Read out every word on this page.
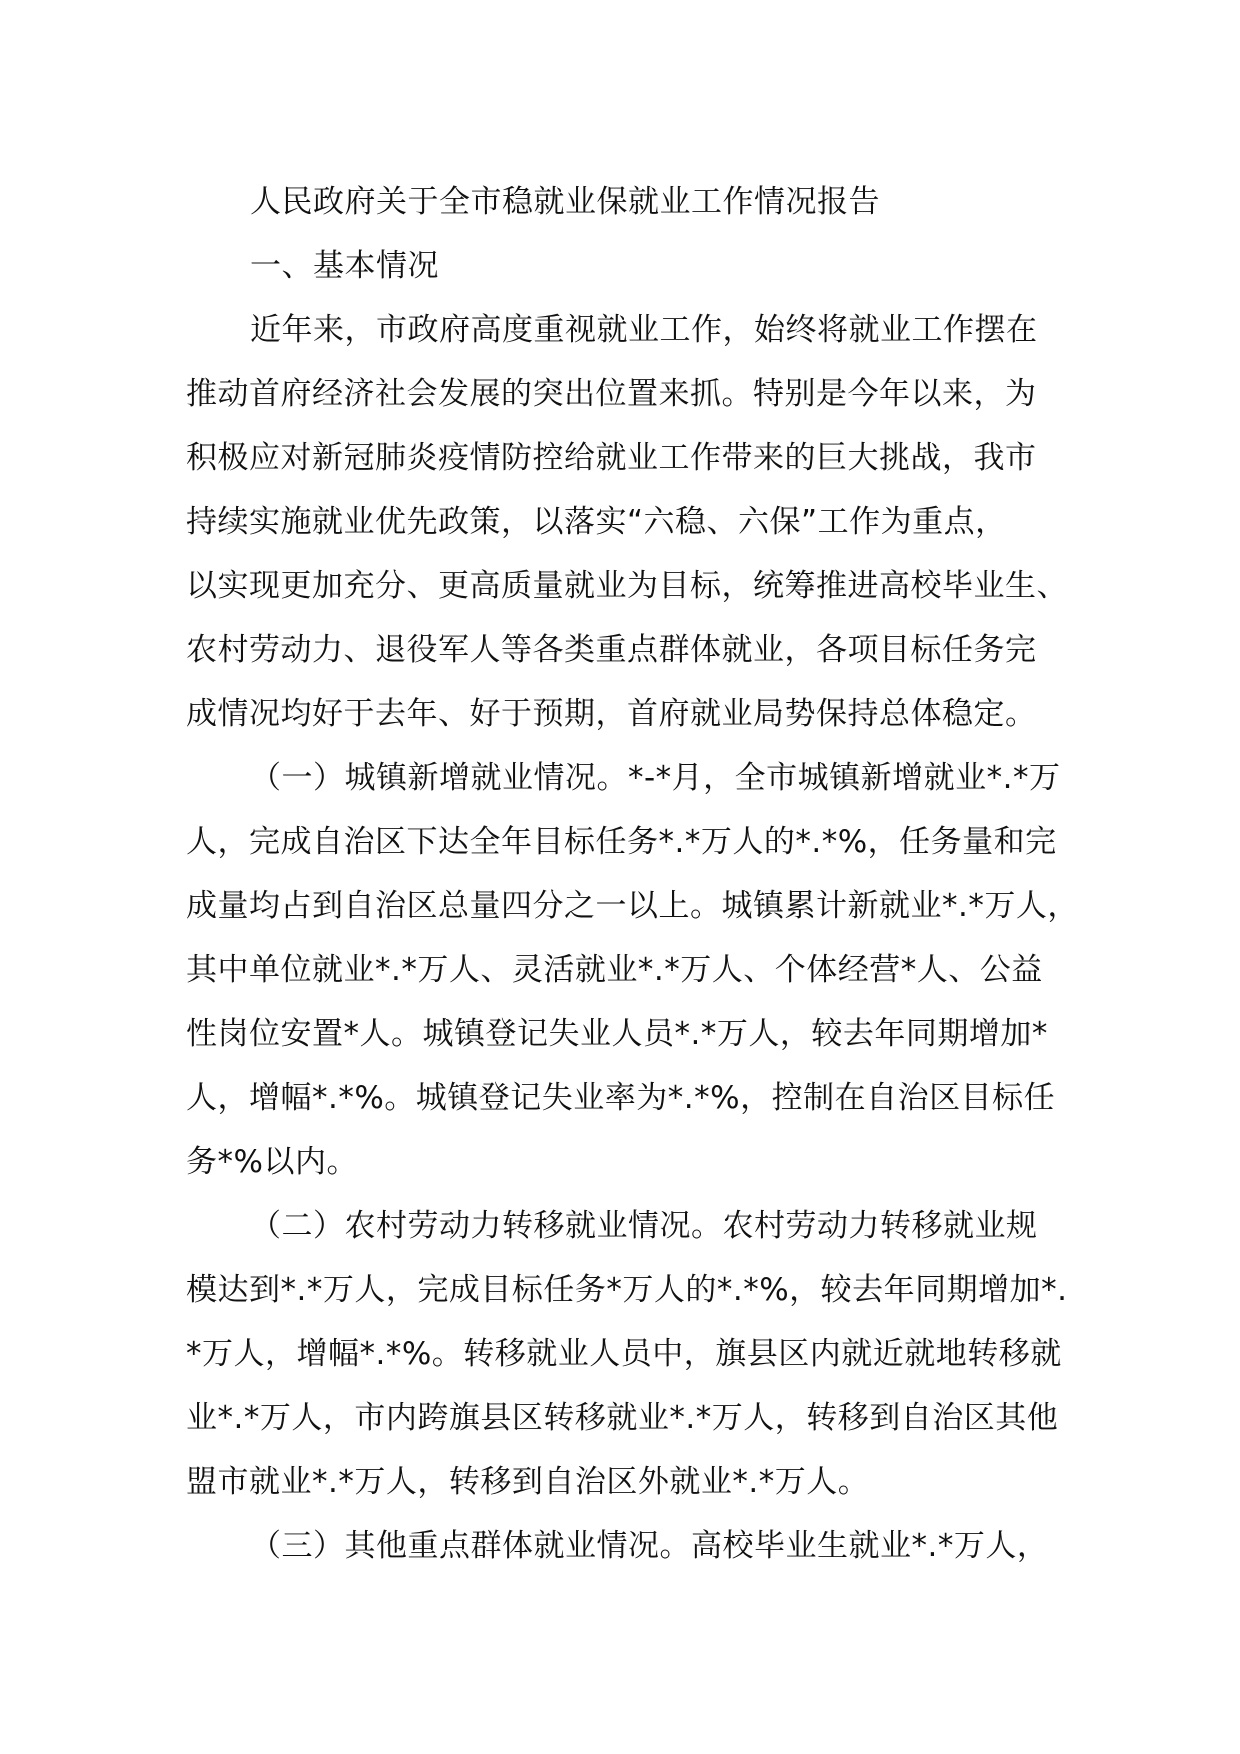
人民政府关于全市稳就业保就业工作情况报告
一、基本情况

近年来，市政府高度重视就业工作，始终将就业工作摆在
推动首府经济社会发展的突出位置来抓。特别是今年以来，为
积极应对新冠肺炎疫情防控给就业工作带来的巨大挑战，我市
持续实施就业优先政策，以落实“六稳、六保”工作为重点，
以实现更加充分、更高质量就业为目标，统筹推进高校毕业生、
农村劳动力、退役军人等各类重点群体就业，各项目标任务完
成情况均好于去年、好于预期，首府就业局势保持总体稳定。

（一）城镇新增就业情况。*-*月，全市城镇新增就业*.*万
人，完成自治区下达全年目标任务*.*万人的*.*%，任务量和完
成量均占到自治区总量四分之一以上。城镇累计新就业*.*万人，
其中单位就业*.*万人、灵活就业*.*万人、个体经营*人、公益
性岗位安置*人。城镇登记失业人员*.*万人，较去年同期增加*
人，增幅*.*%。城镇登记失业率为*.*%，控制在自治区目标任
务*%以内。

（二）农村劳动力转移就业情况。农村劳动力转移就业规
模达到*.*万人，完成目标任务*万人的*.*%，较去年同期增加*.
*万人，增幅*.*%。转移就业人员中，旗县区内就近就地转移就
业*.*万人，市内跨旗县区转移就业*.*万人，转移到自治区其他
盟市就业*.*万人，转移到自治区外就业*.*万人。

（三）其他重点群体就业情况。高校毕业生就业*.*万人，
